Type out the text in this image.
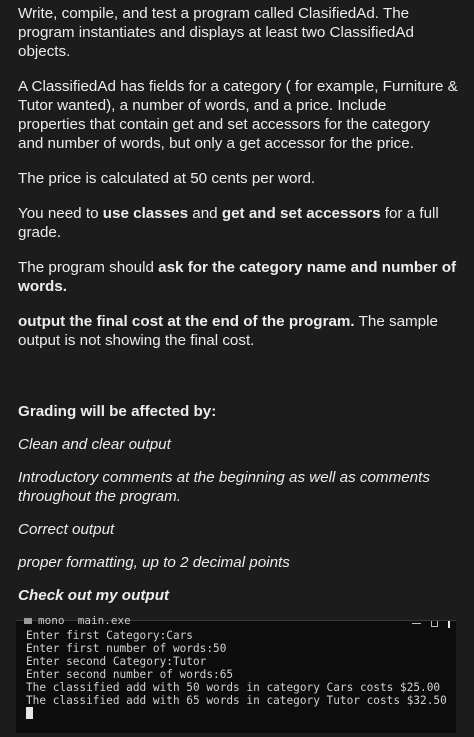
Write, compile, and test a program called ClasifiedAd. The program instantiates and displays at least two ClassifiedAd objects.

A ClassifiedAd has fields for a category ( for example, Furniture & Tutor wanted), a number of words, and a price. Include properties that contain get and set accessors for the category and number of words, but only a get accessor for the price.

The price is calculated at 50 cents per word.

You need to use classes and get and set accessors for a full grade.

The program should ask for the category name and number of words.

output the final cost at the end of the program. The sample output is not showing the final cost.

Grading will be affected by:

Clean and clear output

Introductory comments at the beginning as well as comments throughout the program.

Correct output

proper formatting, up to 2 decimal points

Check out my output

mono  main.exe
Enter first Category:Cars
Enter first number of words:50
Enter second Category:Tutor
Enter second number of words:65
The classified add with 50 words in category Cars costs $25.00
The classified add with 65 words in category Tutor costs $32.50
